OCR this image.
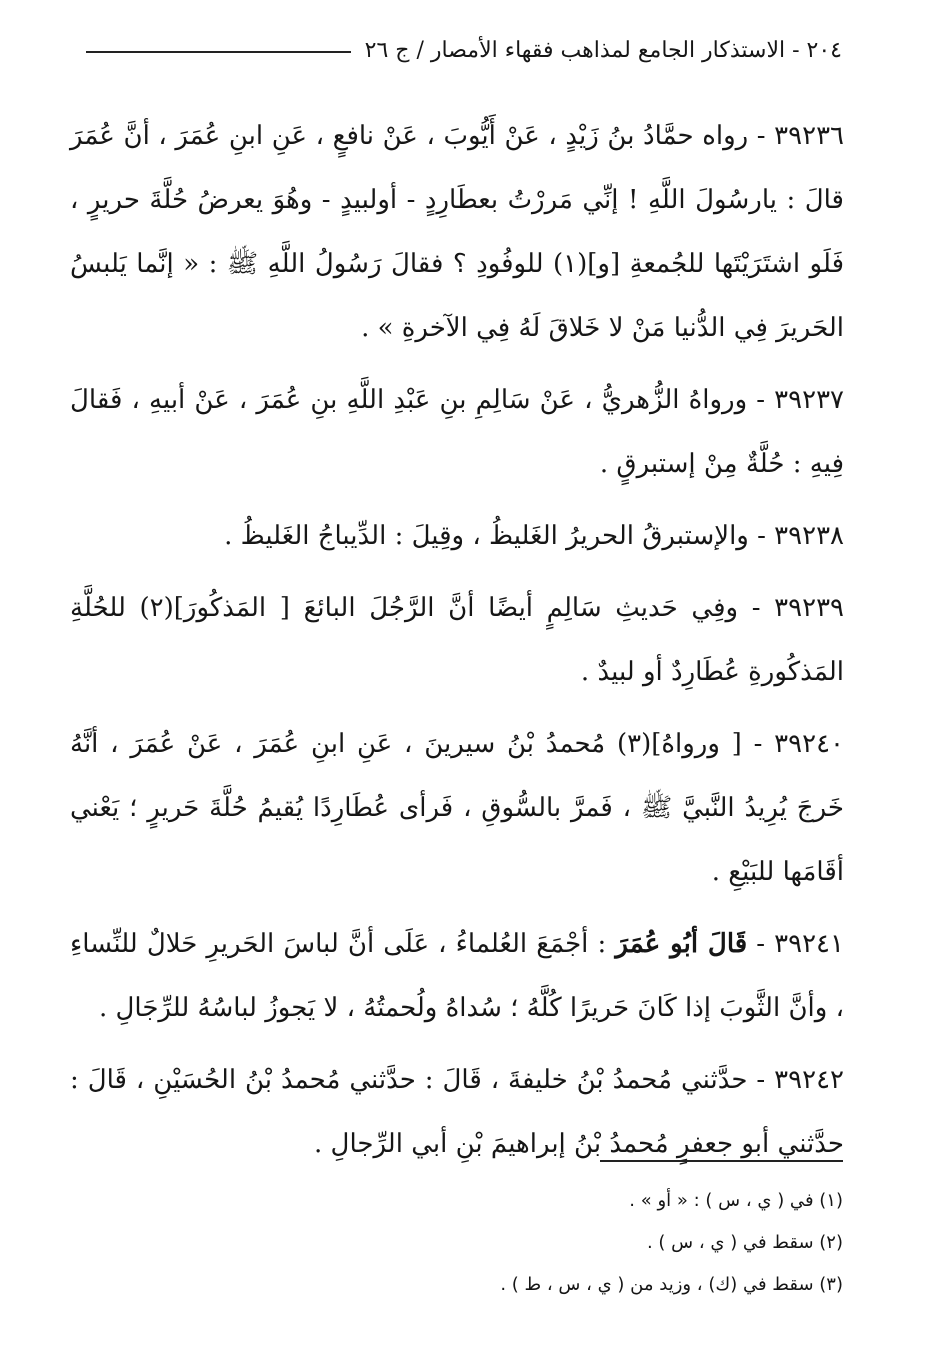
٢٠٤ - الاستذكار الجامع لمذاهب فقهاء الأمصار / ج ٢٦

٣٩٢٣٦ - رواه حمَّادُ بنُ زَيْدٍ ، عَنْ أَيُّوبَ ، عَنْ نافعٍ ، عَنِ ابنِ عُمَرَ ، أنَّ عُمَرَ قالَ : يارسُولَ اللَّهِ ! إنِّي مَررْتُ بعطَارِدٍ - أولبيدٍ - وهُوَ يعرضُ حُلَّةَ حريرٍ ، فَلَو اشتَرَيْتَها للجُمعةِ [و](١) للوفُودِ ؟ فقالَ رَسُولُ اللَّهِ ﷺ : « إنَّما يَلبسُ الحَريرَ فِي الدُّنيا مَنْ لا خَلاقَ لَهُ فِي الآخرةِ » .

٣٩٢٣٧ - ورواهُ الزُّهريُّ ، عَنْ سَالِمِ بنِ عَبْدِ اللَّهِ بنِ عُمَرَ ، عَنْ أبيهِ ، فَقالَ فِيهِ : حُلَّةٌ مِنْ إستبرقٍ .

٣٩٢٣٨ - والإستبرقُ الحريرُ الغَليظُ ، وقِيلَ : الدِّيباجُ الغَليظُ .

٣٩٢٣٩ - وفِي حَديثِ سَالِمٍ أيضًا أنَّ الرَّجُلَ البائعَ [ المَذكُورَ](٢) للحُلَّةِ المَذكُورةِ عُطَارِدٌ أو لبيدٌ .

٣٩٢٤٠ - [ ورواهُ](٣) مُحمدُ بْنُ سيرينَ ، عَنِ ابنِ عُمَرَ ، عَنْ عُمَرَ ، أنَّهُ خَرجَ يُرِيدُ النَّبيَّ ﷺ ، فَمرَّ بالسُّوقِ ، فَرأى عُطَارِدًا يُقيمُ حُلَّةَ حَريرٍ ؛ يَعْني أقَامَها للبَيْعِ .

٣٩٢٤١ - قَالَ أبُو عُمَرَ : أجْمَعَ العُلماءُ ، عَلَى أنَّ لباسَ الحَريرِ حَلالٌ للنِّساءِ ، وأنَّ الثَّوبَ إذا كَانَ حَريرًا كُلَّهُ ؛ سُداهُ ولُحمتُهُ ، لا يَجوزُ لباسُهُ للرِّجَالِ .

٣٩٢٤٢ - حدَّثني مُحمدُ بْنُ خليفةَ ، قَالَ : حدَّثني مُحمدُ بْنُ الحُسَيْنِ ، قَالَ : حدَّثني أبو جعفرٍ مُحمدُ بْنُ إبراهيمَ بْنِ أبي الرِّجالِ .

(١) في ( ي ، س ) : « أو » .

(٢) سقط في ( ي ، س ) .

(٣) سقط في (ك) ، وزيد من ( ي ، س ، ط ) .
